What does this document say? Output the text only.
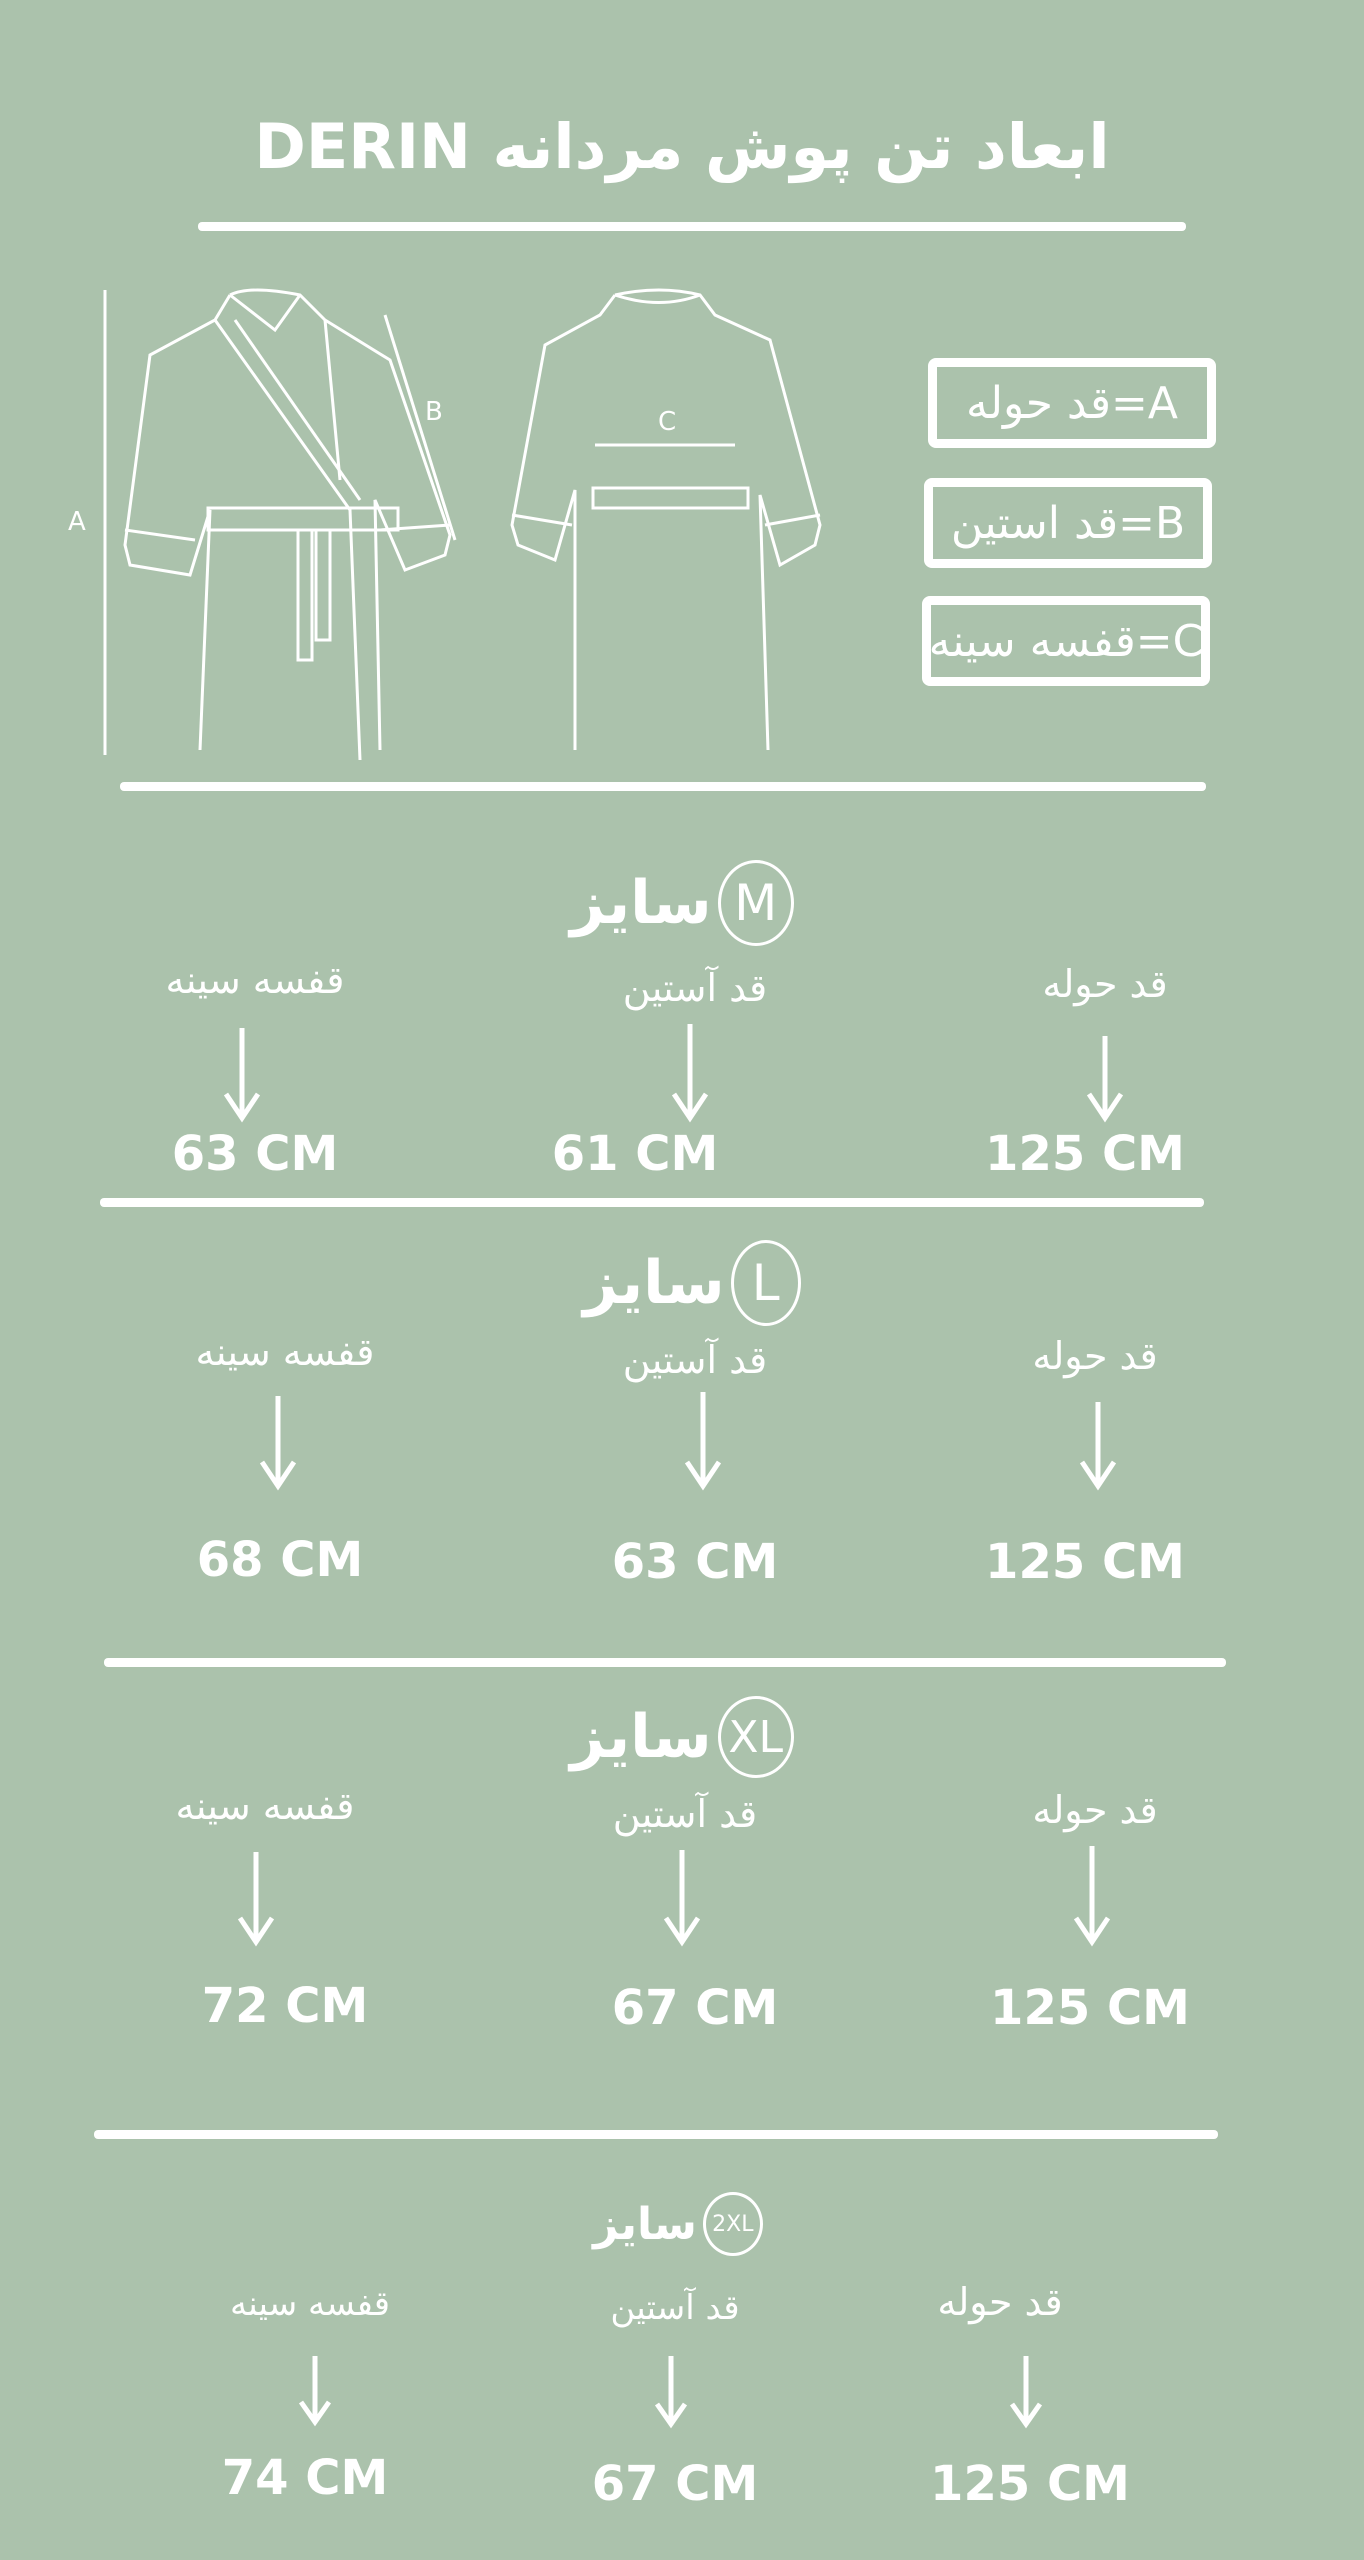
ابعاد تن پوش مردانه DERIN
A
B	C	A=قد حوله
B=قد استین
C=قفسه سینه
سایز M
قفسه سینه	قد آستین	قد حوله
63 CM	61 CM	125 CM
سایز L
قفسه سینه	قد آستین	قد حوله
68 CM	63 CM	125 CM
سایز XL
قفسه سینه	قد آستین	قد حوله
72 CM	67 CM	125 CM
سایز 2XL
قفسه سینه	قد آستین	قد حوله
74 CM	67 CM	125 CM
